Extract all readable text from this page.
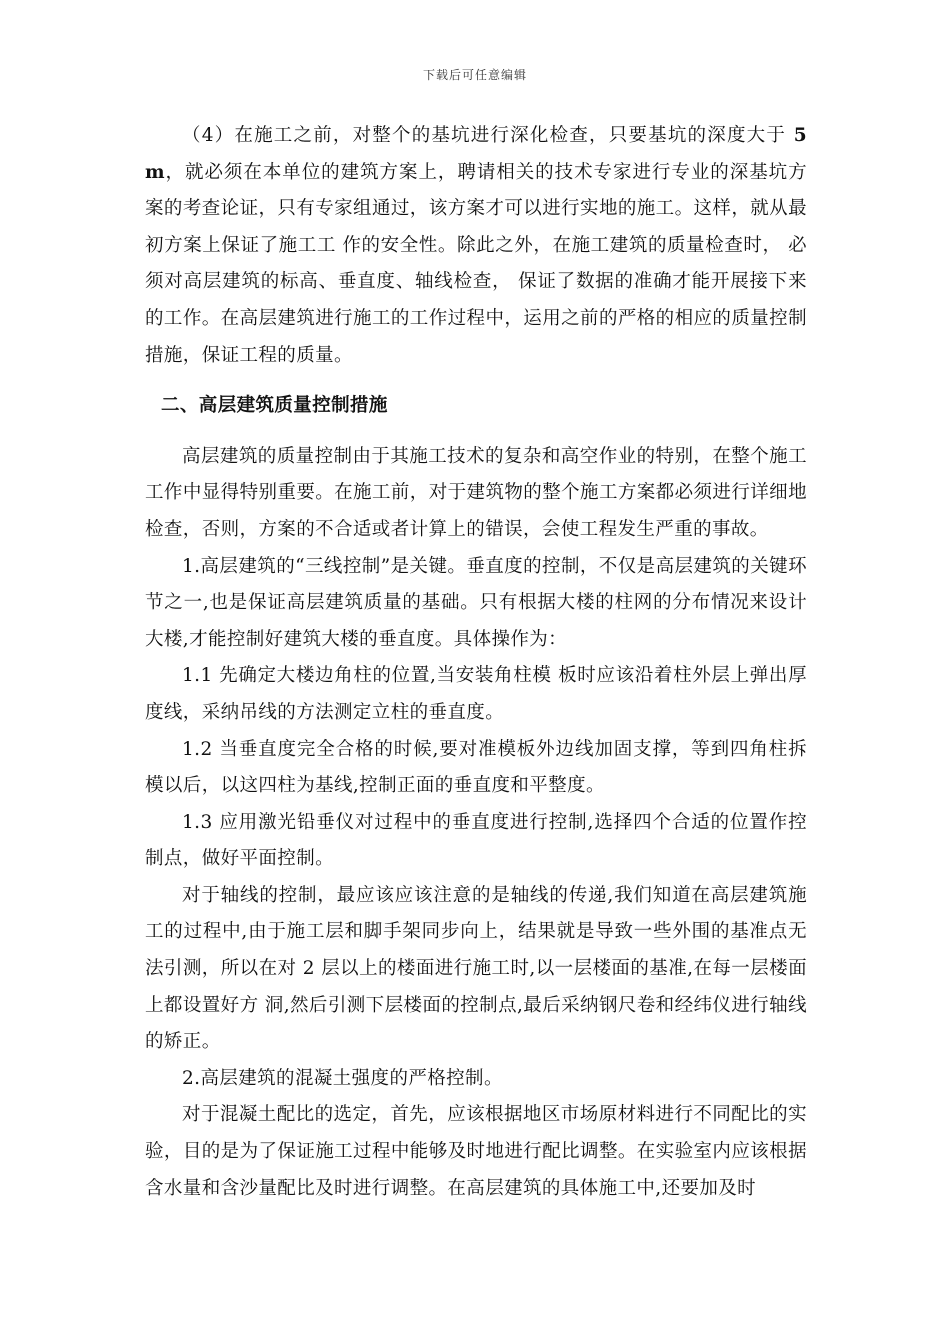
下载后可任意编辑

（4）在施工之前，对整个的基坑进行深化检查，只要基坑的深度大于 5 m，就必须在本单位的建筑方案上，聘请相关的技术专家进行专业的深基坑方案的考查论证，只有专家组通过，该方案才可以进行实地的施工。这样，就从最初方案上保证了施工工 作的安全性。除此之外，在施工建筑的质量检查时， 必须对高层建筑的标高、垂直度、轴线检查， 保证了数据的准确才能开展接下来的工作。在高层建筑进行施工的工作过程中，运用之前的严格的相应的质量控制措施，保证工程的质量。

二、高层建筑质量控制措施

高层建筑的质量控制由于其施工技术的复杂和高空作业的特别，在整个施工工作中显得特别重要。在施工前，对于建筑物的整个施工方案都必须进行详细地检查，否则，方案的不合适或者计算上的错误，会使工程发生严重的事故。

1.高层建筑的“三线控制”是关键。垂直度的控制，不仅是高层建筑的关键环节之一,也是保证高层建筑质量的基础。只有根据大楼的柱网的分布情况来设计大楼,才能控制好建筑大楼的垂直度。具体操作为：

1.1 先确定大楼边角柱的位置,当安装角柱模 板时应该沿着柱外层上弹出厚度线，采纳吊线的方法测定立柱的垂直度。

1.2 当垂直度完全合格的时候,要对准模板外边线加固支撑，等到四角柱拆模以后，以这四柱为基线,控制正面的垂直度和平整度。

1.3 应用激光铅垂仪对过程中的垂直度进行控制,选择四个合适的位置作控制点，做好平面控制。

对于轴线的控制，最应该应该注意的是轴线的传递,我们知道在高层建筑施工的过程中,由于施工层和脚手架同步向上，结果就是导致一些外围的基准点无法引测，所以在对 2 层以上的楼面进行施工时,以一层楼面的基准,在每一层楼面上都设置好方 洞,然后引测下层楼面的控制点,最后采纳钢尺卷和经纬仪进行轴线的矫正。

2.高层建筑的混凝土强度的严格控制。

对于混凝土配比的选定，首先，应该根据地区市场原材料进行不同配比的实验，目的是为了保证施工过程中能够及时地进行配比调整。在实验室内应该根据含水量和含沙量配比及时进行调整。在高层建筑的具体施工中,还要加及时
